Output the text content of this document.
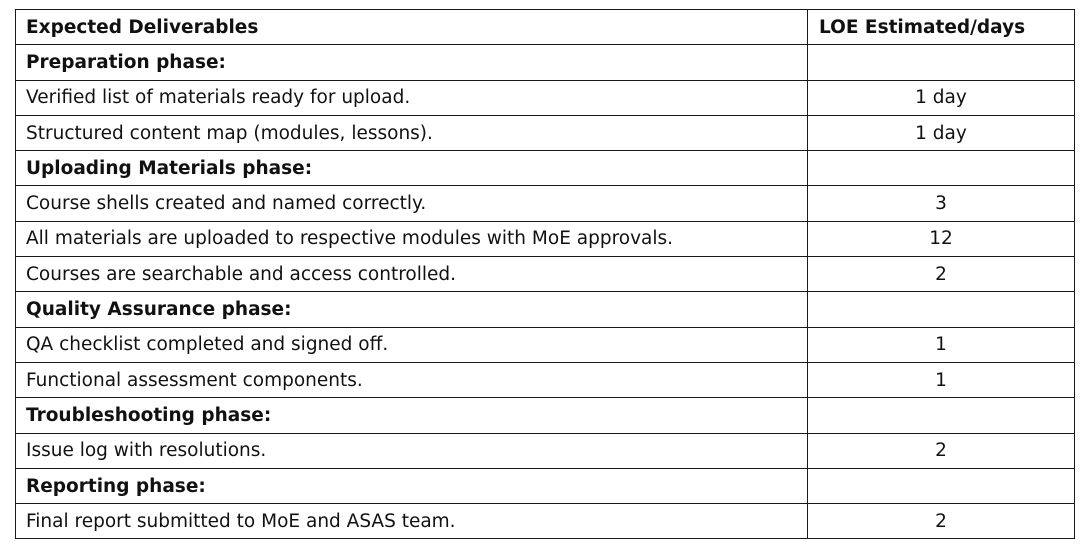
Expected Deliverables	LOE Estimated/days
Preparation phase:	
Verified list of materials ready for upload.	1 day
Structured content map (modules, lessons).	1 day
Uploading Materials phase:	
Course shells created and named correctly.	3
All materials are uploaded to respective modules with MoE approvals.	12
Courses are searchable and access controlled.	2
Quality Assurance phase:	
QA checklist completed and signed off.	1
Functional assessment components.	1
Troubleshooting phase:	
Issue log with resolutions.	2
Reporting phase:	
Final report submitted to MoE and ASAS team.	2
